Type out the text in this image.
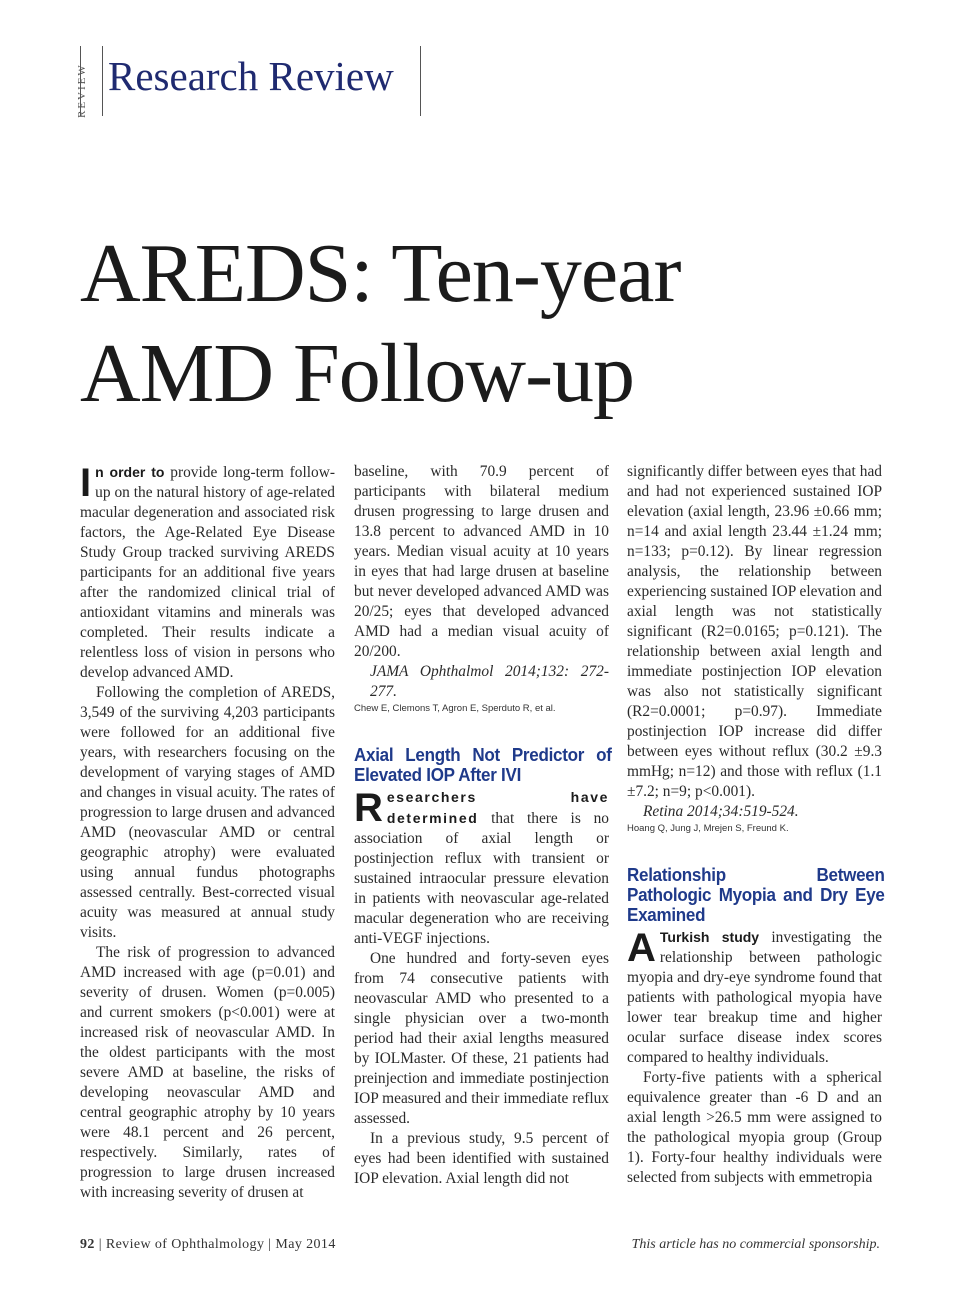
REVIEW Research Review
AREDS: Ten-year
AMD Follow-up

In order to provide long-term follow-up on the natural history of age-related macular degeneration and associated risk factors, the Age-Related Eye Disease Study Group tracked surviving AREDS participants for an additional five years after the randomized clinical trial of antioxidant vitamins and minerals was completed. Their results indicate a relentless loss of vision in persons who develop advanced AMD.

Following the completion of AREDS, 3,549 of the surviving 4,203 participants were followed for an additional five years, with researchers focusing on the development of varying stages of AMD and changes in visual acuity. The rates of progression to large drusen and advanced AMD (neovascular AMD or central geographic atrophy) were evaluated using annual fundus photographs assessed centrally. Best-corrected visual acuity was measured at annual study visits.

The risk of progression to advanced AMD increased with age (p=0.01) and severity of drusen. Women (p=0.005) and current smokers (p<0.001) were at increased risk of neovascular AMD. In the oldest participants with the most severe AMD at baseline, the risks of developing neovascular AMD and central geographic atrophy by 10 years were 48.1 percent and 26 percent, respectively. Similarly, rates of progression to large drusen increased with increasing severity of drusen at

baseline, with 70.9 percent of participants with bilateral medium drusen progressing to large drusen and 13.8 percent to advanced AMD in 10 years. Median visual acuity at 10 years in eyes that had large drusen at baseline but never developed advanced AMD was 20/25; eyes that developed advanced AMD had a median visual acuity of 20/200.

JAMA Ophthalmol 2014;132: 272-277.

Chew E, Clemons T, Agron E, Sperduto R, et al.

Axial Length Not Predictor of Elevated IOP After IVI

Researchers have determined that there is no association of axial length or postinjection reflux with transient or sustained intraocular pressure elevation in patients with neovascular age-related macular degeneration who are receiving anti-VEGF injections.

One hundred and forty-seven eyes from 74 consecutive patients with neovascular AMD who presented to a single physician over a two-month period had their axial lengths measured by IOLMaster. Of these, 21 patients had preinjection and immediate postinjection IOP measured and their immediate reflux assessed.

In a previous study, 9.5 percent of eyes had been identified with sustained IOP elevation. Axial length did not

significantly differ between eyes that had and had not experienced sustained IOP elevation (axial length, 23.96 ±0.66 mm; n=14 and axial length 23.44 ±1.24 mm; n=133; p=0.12). By linear regression analysis, the relationship between experiencing sustained IOP elevation and axial length was not statistically significant (R2=0.0165; p=0.121). The relationship between axial length and immediate postinjection IOP elevation was also not statistically significant (R2=0.0001; p=0.97). Immediate postinjection IOP increase did differ between eyes without reflux (30.2 ±9.3 mmHg; n=12) and those with reflux (1.1 ±7.2; n=9; p<0.001).

Retina 2014;34:519-524.

Hoang Q, Jung J, Mrejen S, Freund K.

Relationship Between Pathologic Myopia and Dry Eye Examined

A Turkish study investigating the relationship between pathologic myopia and dry-eye syndrome found that patients with pathological myopia have lower tear breakup time and higher ocular surface disease index scores compared to healthy individuals.

Forty-five patients with a spherical equivalence greater than -6 D and an axial length >26.5 mm were assigned to the pathological myopia group (Group 1). Forty-four healthy individuals were selected from subjects with emmetropia

92 | Review of Ophthalmology | May 2014	This article has no commercial sponsorship.
